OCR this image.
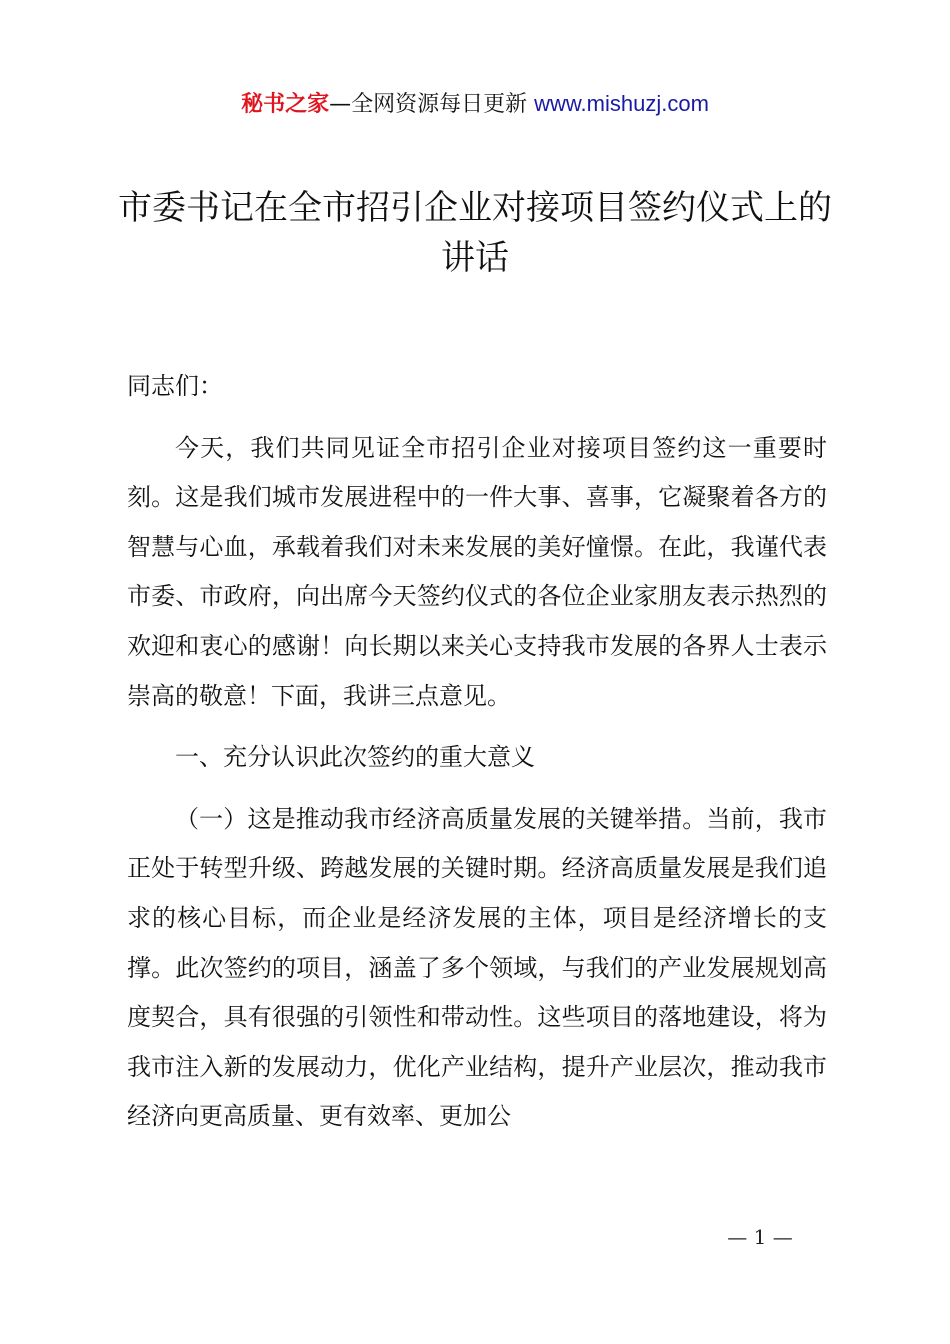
秘书之家—全网资源每日更新 www.mishuzj.com
市委书记在全市招引企业对接项目签约仪式上的讲话

同志们：

今天，我们共同见证全市招引企业对接项目签约这一重要时刻。这是我们城市发展进程中的一件大事、喜事，它凝聚着各方的智慧与心血，承载着我们对未来发展的美好憧憬。在此，我谨代表市委、市政府，向出席今天签约仪式的各位企业家朋友表示热烈的欢迎和衷心的感谢！向长期以来关心支持我市发展的各界人士表示崇高的敬意！下面，我讲三点意见。

一、充分认识此次签约的重大意义

（一）这是推动我市经济高质量发展的关键举措。当前，我市正处于转型升级、跨越发展的关键时期。经济高质量发展是我们追求的核心目标，而企业是经济发展的主体，项目是经济增长的支撑。此次签约的项目，涵盖了多个领域，与我们的产业发展规划高度契合，具有很强的引领性和带动性。这些项目的落地建设，将为我市注入新的发展动力，优化产业结构，提升产业层次，推动我市经济向更高质量、更有效率、更加公

— 1 —
